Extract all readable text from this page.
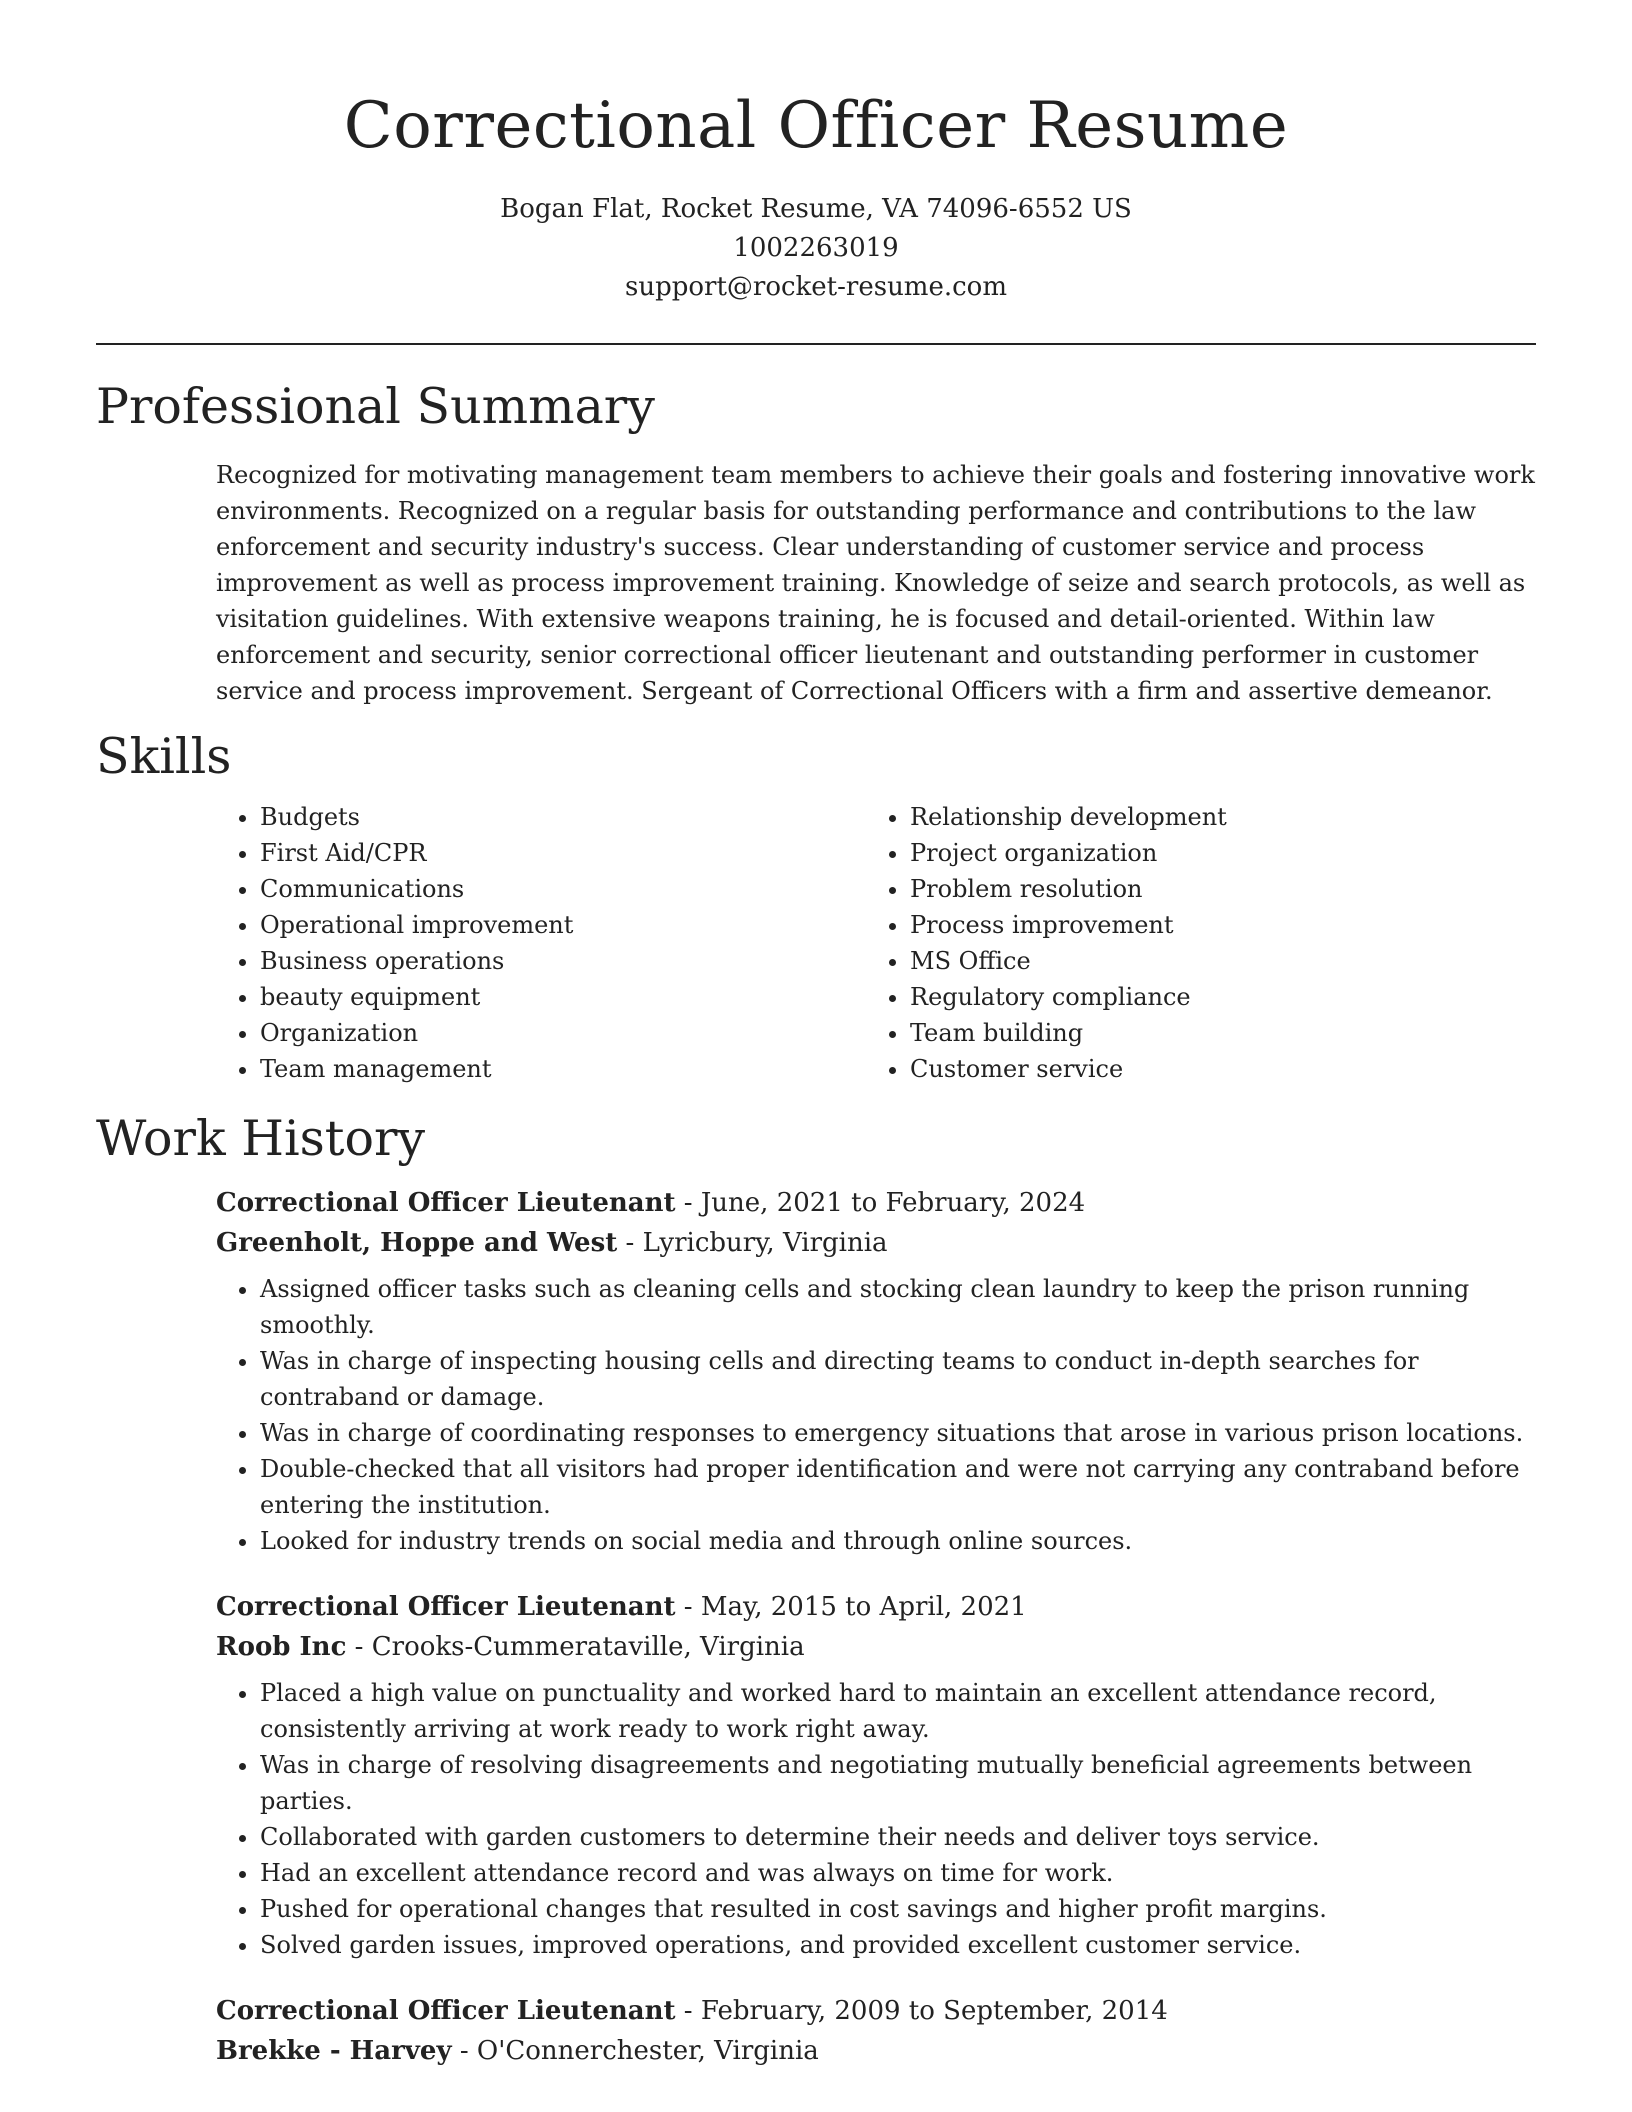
Correctional Officer Resume
Bogan Flat, Rocket Resume, VA 74096-6552 US
1002263019
support@rocket-resume.com
Professional Summary

Recognized for motivating management team members to achieve their goals and fostering innovative work environments. Recognized on a regular basis for outstanding performance and contributions to the law enforcement and security industry's success. Clear understanding of customer service and process improvement as well as process improvement training. Knowledge of seize and search protocols, as well as visitation guidelines. With extensive weapons training, he is focused and detail-oriented. Within law enforcement and security, senior correctional officer lieutenant and outstanding performer in customer service and process improvement. Sergeant of Correctional Officers with a firm and assertive demeanor.

Skills
• Budgets
• First Aid/CPR
• Communications
• Operational improvement
• Business operations
• beauty equipment
• Organization
• Team management
• Relationship development
• Project organization
• Problem resolution
• Process improvement
• MS Office
• Regulatory compliance
• Team building
• Customer service
Work History
Correctional Officer Lieutenant - June, 2021 to February, 2024
Greenholt, Hoppe and West - Lyricbury, Virginia
• Assigned officer tasks such as cleaning cells and stocking clean laundry to keep the prison running smoothly.
• Was in charge of inspecting housing cells and directing teams to conduct in-depth searches for contraband or damage.
• Was in charge of coordinating responses to emergency situations that arose in various prison locations.
• Double-checked that all visitors had proper identification and were not carrying any contraband before entering the institution.
• Looked for industry trends on social media and through online sources.
Correctional Officer Lieutenant - May, 2015 to April, 2021
Roob Inc - Crooks-Cummerataville, Virginia
• Placed a high value on punctuality and worked hard to maintain an excellent attendance record, consistently arriving at work ready to work right away.
• Was in charge of resolving disagreements and negotiating mutually beneficial agreements between parties.
• Collaborated with garden customers to determine their needs and deliver toys service.
• Had an excellent attendance record and was always on time for work.
• Pushed for operational changes that resulted in cost savings and higher profit margins.
• Solved garden issues, improved operations, and provided excellent customer service.
Correctional Officer Lieutenant - February, 2009 to September, 2014
Brekke - Harvey - O'Connerchester, Virginia
